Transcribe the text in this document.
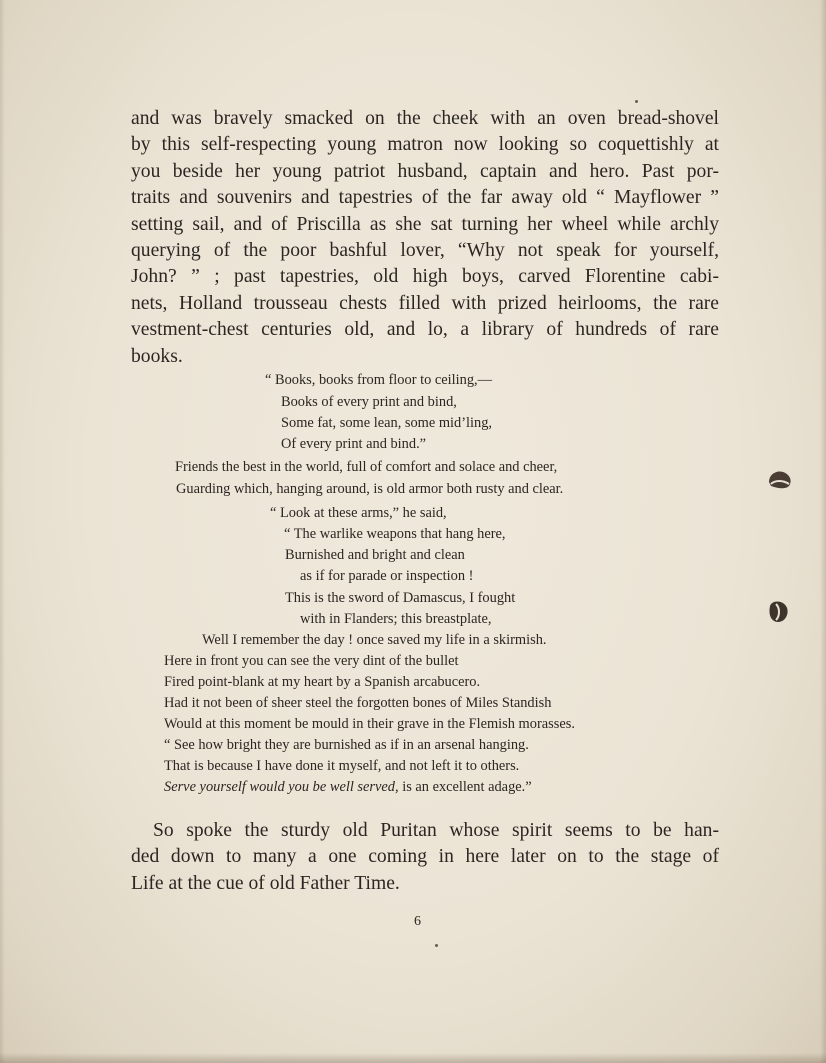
and was bravely smacked on the cheek with an oven bread-shovel
by this self-respecting young matron now looking so coquettishly at
you beside her young patriot husband, captain and hero. Past por-
traits and souvenirs and tapestries of the far away old “ Mayflower ”
setting sail, and of Priscilla as she sat turning her wheel while archly
querying of the poor bashful lover, “Why not speak for yourself,
John? ” ; past tapestries, old high boys, carved Florentine cabi-
nets, Holland trousseau chests filled with prized heirlooms, the rare
vestment-chest centuries old, and lo, a library of hundreds of rare
books.
“ Books, books from floor to ceiling,—
Books of every print and bind,
Some fat, some lean, some mid’ling,
Of every print and bind.”
Friends the best in the world, full of comfort and solace and cheer,
Guarding which, hanging around, is old armor both rusty and clear.
“ Look at these arms,” he said,
“ The warlike weapons that hang here,
Burnished and bright and clean
as if for parade or inspection !
This is the sword of Damascus, I fought
with in Flanders; this breastplate,
Well I remember the day ! once saved my life in a skirmish.
Here in front you can see the very dint of the bullet
Fired point-blank at my heart by a Spanish arcabucero.
Had it not been of sheer steel the forgotten bones of Miles Standish
Would at this moment be mould in their grave in the Flemish morasses.
“ See how bright they are burnished as if in an arsenal hanging.
That is because I have done it myself, and not left it to others.
Serve yourself would you be well served, is an excellent adage.”
So spoke the sturdy old Puritan whose spirit seems to be han-
ded down to many a one coming in here later on to the stage of
Life at the cue of old Father Time.
6
